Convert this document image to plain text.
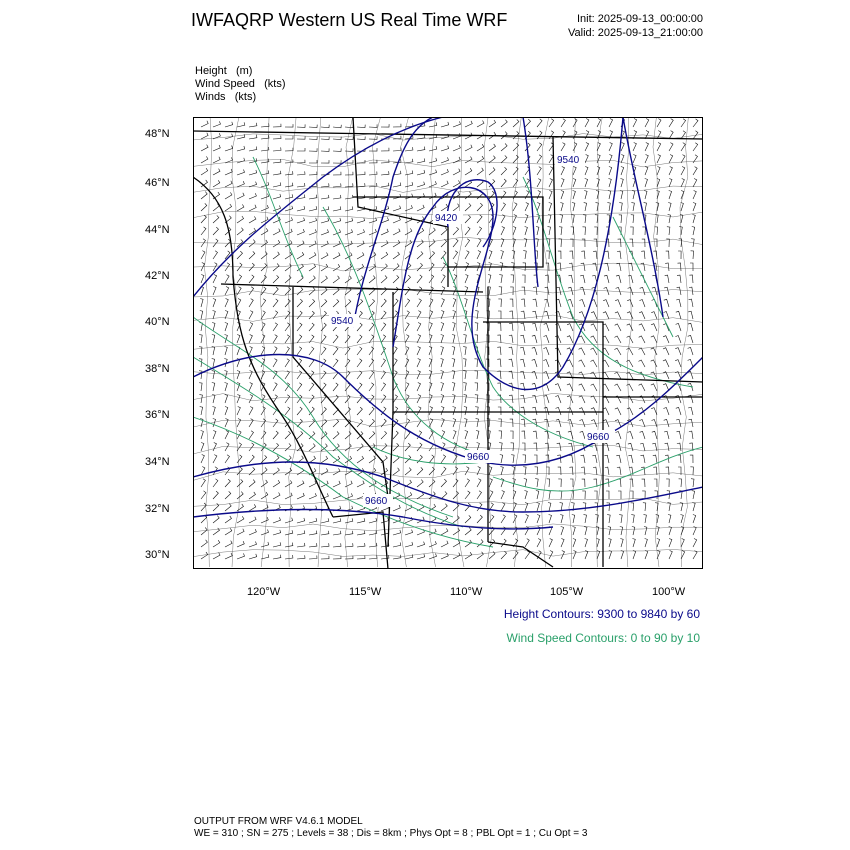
IWFAQRP Western US Real Time WRF	Init: 2025-09-13_00:00:00
Valid: 2025-09-13_21:00:00
Height   (m)
Wind Speed   (kts)
Winds   (kts)
48°N
46°N
44°N
42°N
40°N
38°N
36°N
34°N
32°N
30°N
120°W	115°W	110°W	105°W	100°W
9540
9420
9540
9660
9660
9660
Height Contours: 9300 to 9840 by 60
Wind Speed Contours: 0 to 90 by 10
OUTPUT FROM WRF V4.6.1 MODEL
WE = 310 ; SN = 275 ; Levels = 38 ; Dis = 8km ; Phys Opt = 8 ; PBL Opt = 1 ; Cu Opt = 3
